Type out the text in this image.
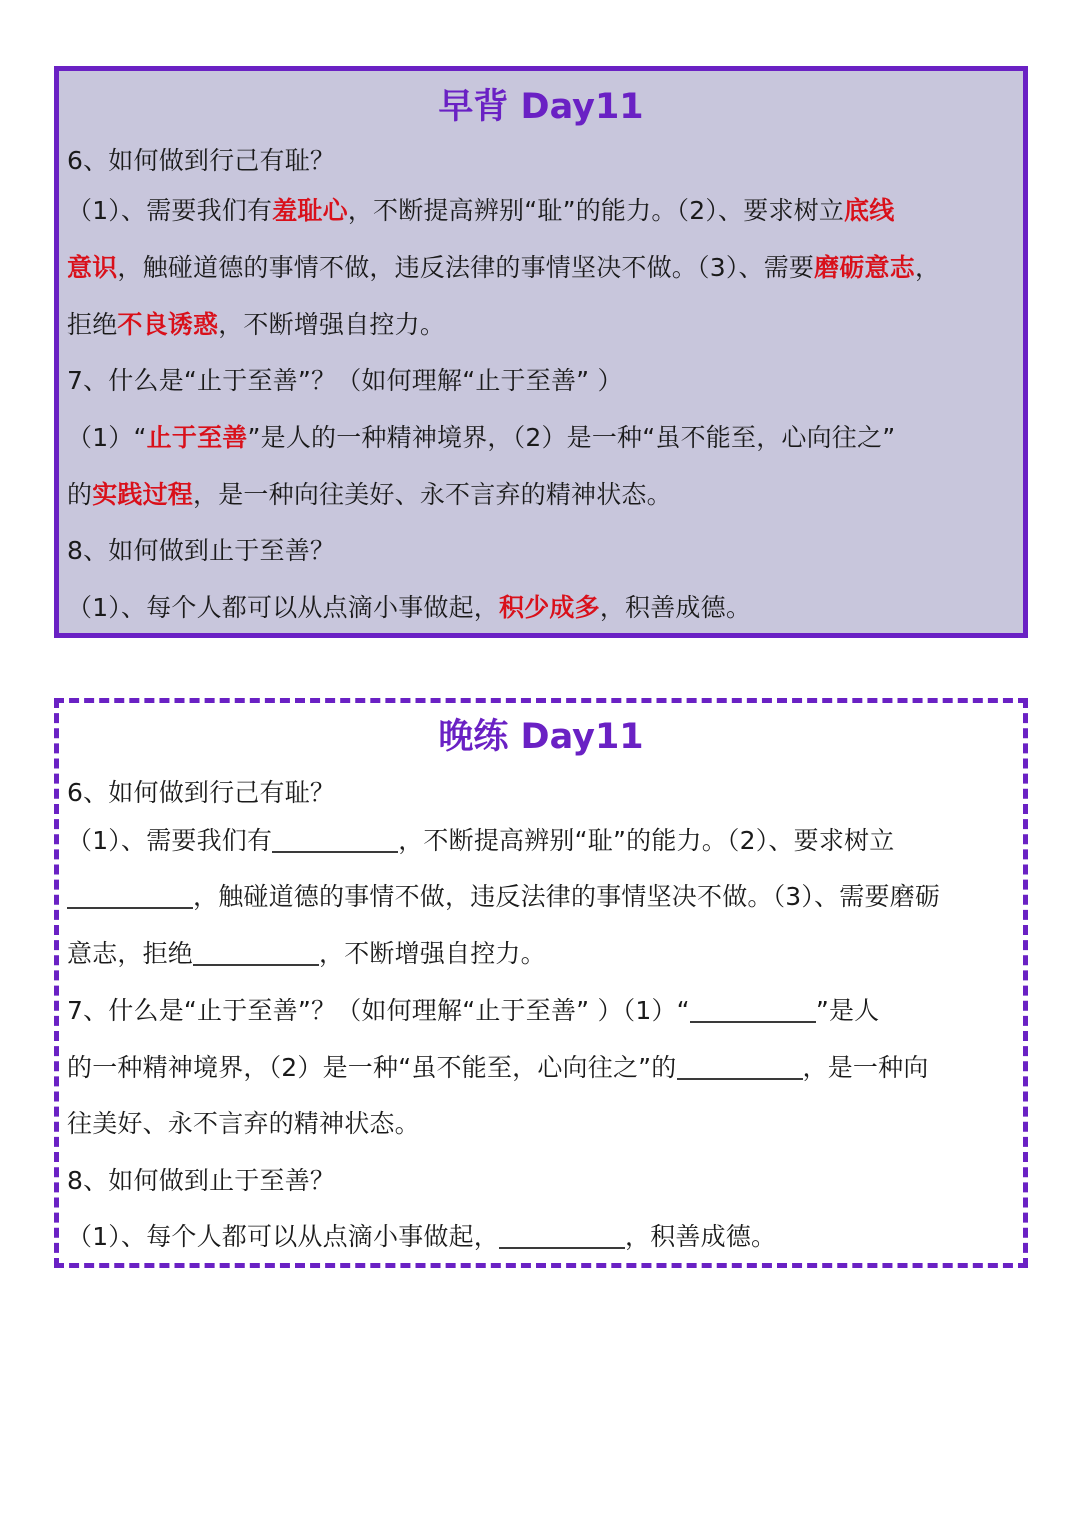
早背 Day11
6、如何做到行己有耻？
（1）、需要我们有羞耻心，不断提高辨别“耻”的能力。（2）、要求树立底线
意识，触碰道德的事情不做，违反法律的事情坚决不做。（3）、需要磨砺意志，
拒绝不良诱惑，不断增强自控力。
7、什么是“止于至善”？（如何理解“止于至善” ）
（1）“止于至善”是人的一种精神境界，（2）是一种“虽不能至，心向往之”
的实践过程，是一种向往美好、永不言弃的精神状态。
8、如何做到止于至善？
（1）、每个人都可以从点滴小事做起，积少成多，积善成德。
晚练 Day11
6、如何做到行己有耻？
（1）、需要我们有	，不断提高辨别“耻”的能力。（2）、要求树立
，触碰道德的事情不做，违反法律的事情坚决不做。（3）、需要磨砺
意志，拒绝	，不断增强自控力。
7、什么是“止于至善”？（如何理解“止于至善” ）（1）“	”是人
的一种精神境界，（2）是一种“虽不能至，心向往之”的	，是一种向
往美好、永不言弃的精神状态。
8、如何做到止于至善？
（1）、每个人都可以从点滴小事做起，	，积善成德。
